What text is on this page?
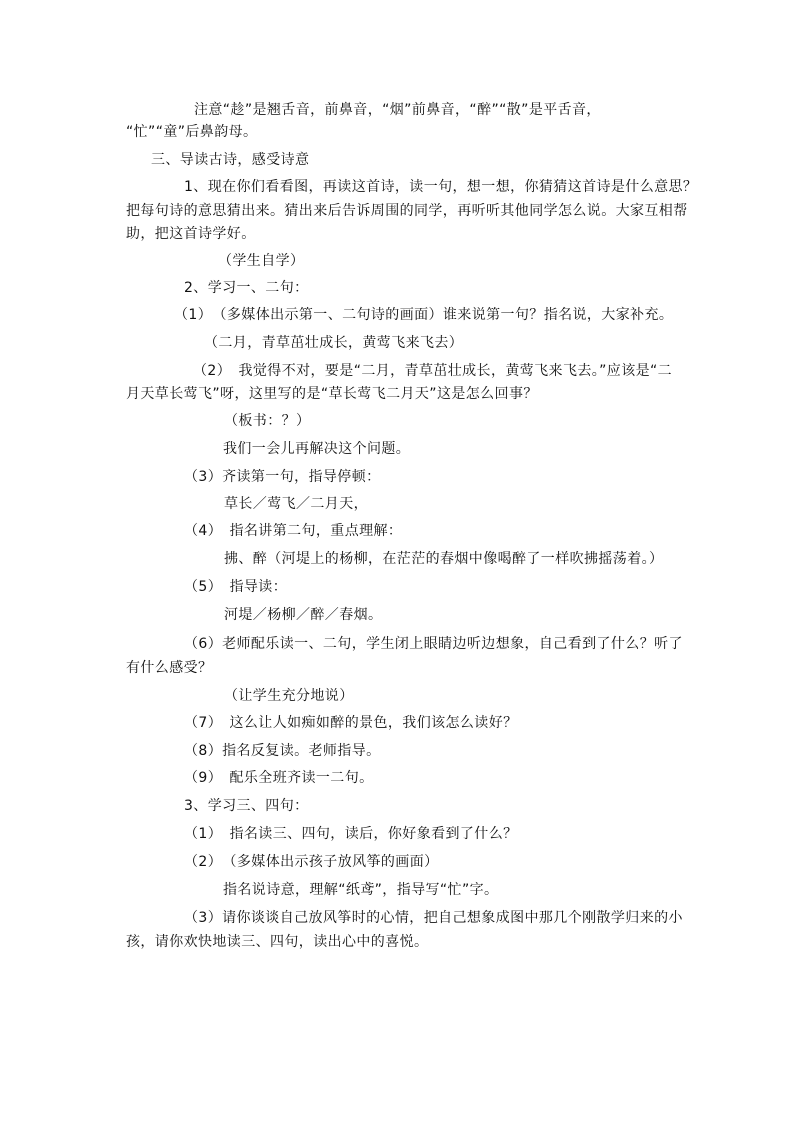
注意“趁”是翘舌音，前鼻音，“烟”前鼻音，“醉”“散”是平舌音，
“忙”“童”后鼻韵母。
三、导读古诗，感受诗意
1、现在你们看看图，再读这首诗，读一句，想一想，你猜猜这首诗是什么意思？
把每句诗的意思猜出来。猜出来后告诉周围的同学，再听听其他同学怎么说。大家互相帮
助，把这首诗学好。
（学生自学）
2、学习一、二句：
（1）　（多媒体出示第一、二句诗的画面）谁来说第一句？指名说，大家补充。
（二月，青草茁壮成长，黄莺飞来飞去）
（2）　我觉得不对，要是“二月，青草茁壮成长，黄莺飞来飞去。”应该是“二
月天草长莺飞”呀，这里写的是“草长莺飞二月天”这是怎么回事？
（板书：？）
我们一会儿再解决这个问题。
（3）齐读第一句，指导停顿：
草长／莺飞／二月天，
（4）　指名讲第二句，重点理解：
拂、醉（河堤上的杨柳，在茫茫的春烟中像喝醉了一样吹拂摇荡着。）
（5）　指导读：
河堤／杨柳／醉／春烟。
（6）老师配乐读一、二句，学生闭上眼睛边听边想象，自己看到了什么？听了
有什么感受？
（让学生充分地说）
（7）　这么让人如痴如醉的景色，我们该怎么读好？
（8）指名反复读。老师指导。
（9）　配乐全班齐读一二句。
3、学习三、四句：
（1）　指名读三、四句，读后，你好象看到了什么？
（2）　（多媒体出示孩子放风筝的画面）
指名说诗意，理解“纸鸢”，指导写“忙”字。
（3）请你谈谈自己放风筝时的心情，把自己想象成图中那几个刚散学归来的小
孩，请你欢快地读三、四句，读出心中的喜悦。
